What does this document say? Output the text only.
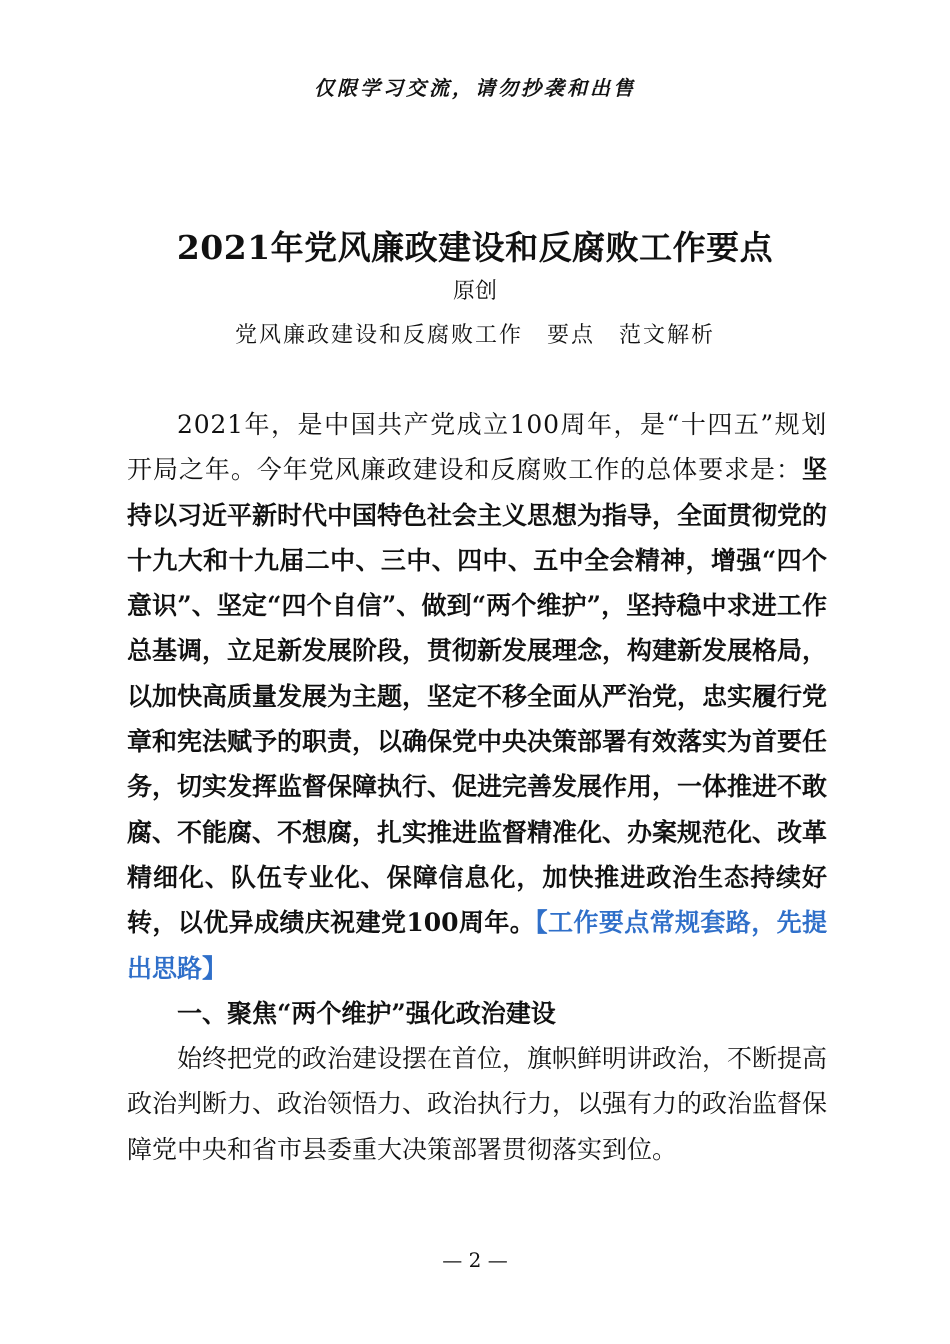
仅限学习交流，请勿抄袭和出售
2021年党风廉政建设和反腐败工作要点
原创
党风廉政建设和反腐败工作　要点　范文解析

2021年，是中国共产党成立100周年，是“十四五”规划开局之年。今年党风廉政建设和反腐败工作的总体要求是：坚持以习近平新时代中国特色社会主义思想为指导，全面贯彻党的十九大和十九届二中、三中、四中、五中全会精神，增强“四个意识”、坚定“四个自信”、做到“两个维护”，坚持稳中求进工作总基调，立足新发展阶段，贯彻新发展理念，构建新发展格局，以加快高质量发展为主题，坚定不移全面从严治党，忠实履行党章和宪法赋予的职责，以确保党中央决策部署有效落实为首要任务，切实发挥监督保障执行、促进完善发展作用，一体推进不敢腐、不能腐、不想腐，扎实推进监督精准化、办案规范化、改革精细化、队伍专业化、保障信息化，加快推进政治生态持续好转，以优异成绩庆祝建党100周年。【工作要点常规套路，先提出思路】

一、聚焦“两个维护”强化政治建设

始终把党的政治建设摆在首位，旗帜鲜明讲政治，不断提高政治判断力、政治领悟力、政治执行力，以强有力的政治监督保障党中央和省市县委重大决策部署贯彻落实到位。

— 2 —
